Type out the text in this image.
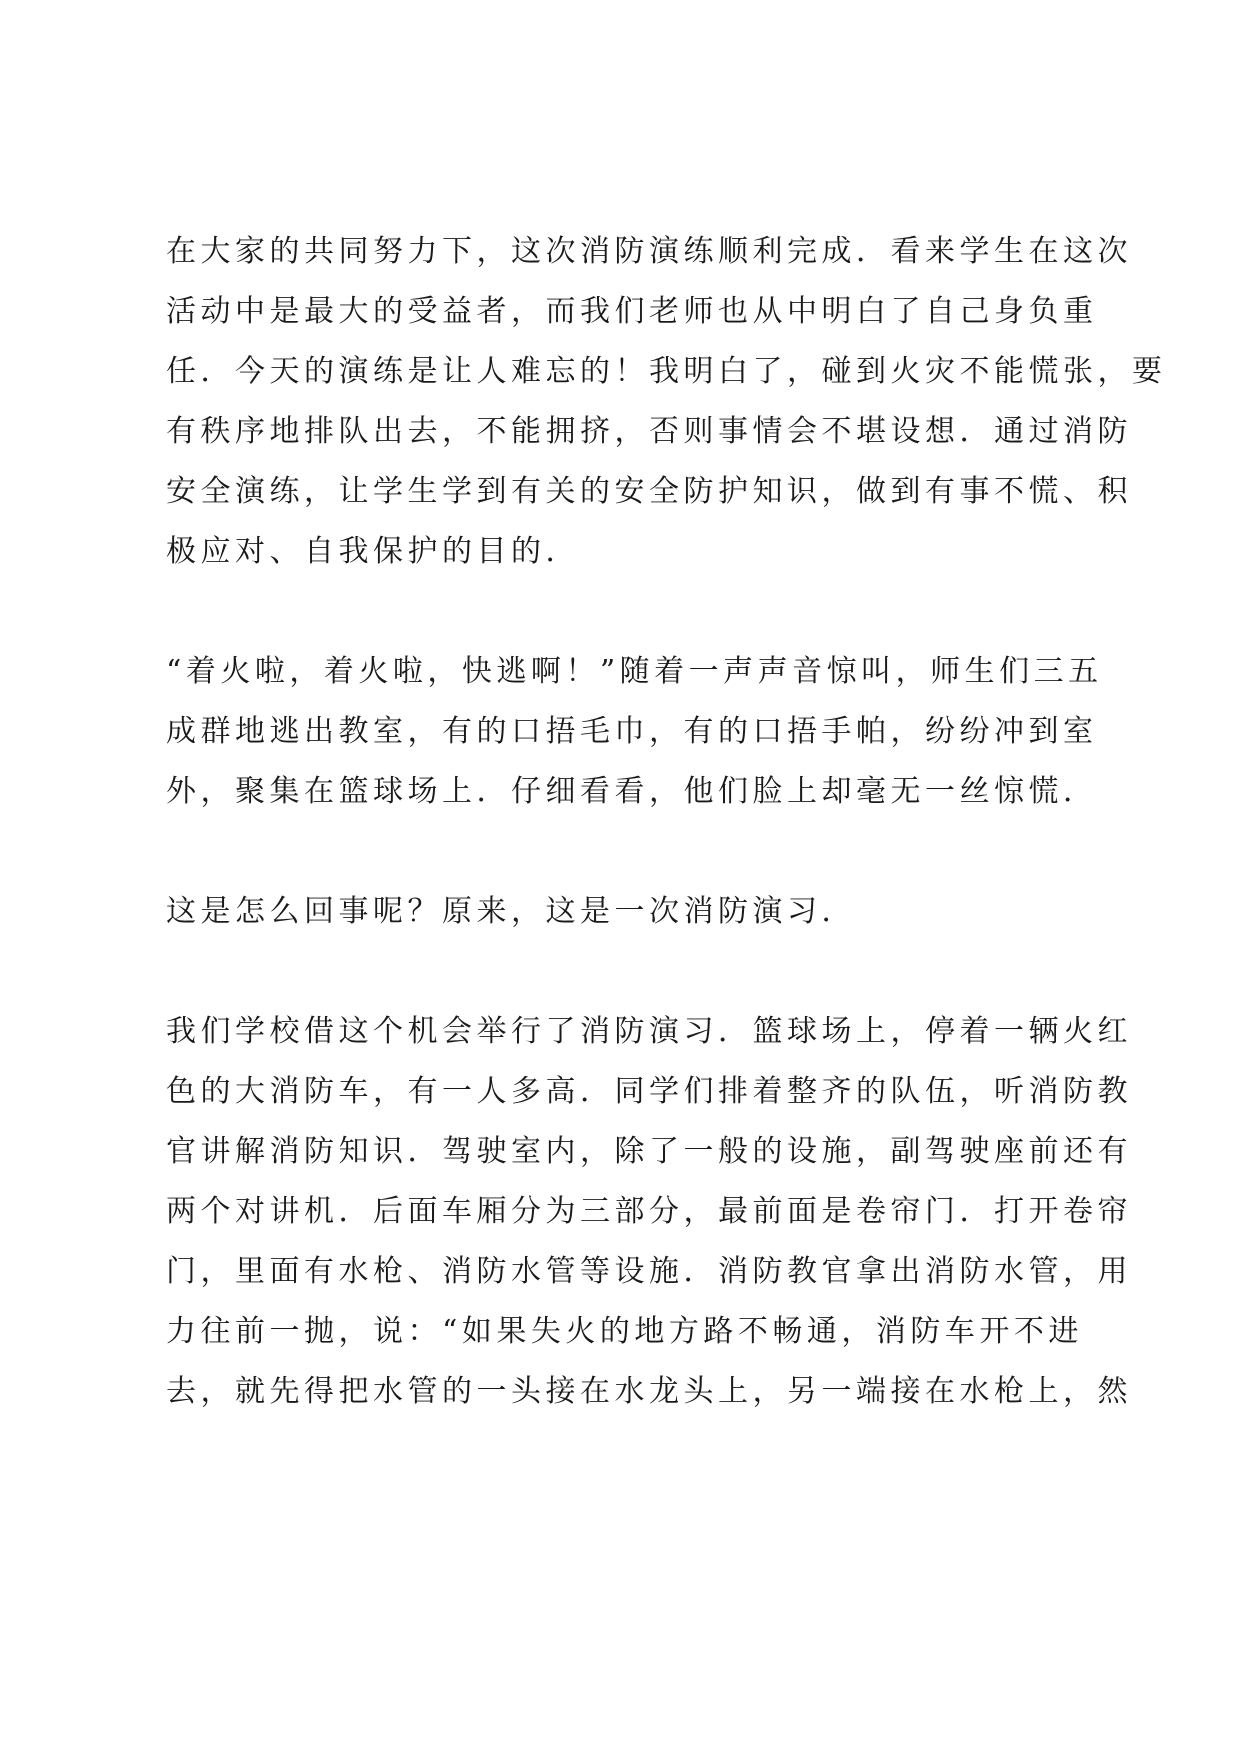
在大家的共同努力下，这次消防演练顺利完成．看来学生在这次
活动中是最大的受益者，而我们老师也从中明白了自己身负重
任．今天的演练是让人难忘的！我明白了，碰到火灾不能慌张，要
有秩序地排队出去，不能拥挤，否则事情会不堪设想．通过消防
安全演练，让学生学到有关的安全防护知识，做到有事不慌、积
极应对、自我保护的目的．
“着火啦，着火啦，快逃啊！”随着一声声音惊叫，师生们三五
成群地逃出教室，有的口捂毛巾，有的口捂手帕，纷纷冲到室
外，聚集在篮球场上．仔细看看，他们脸上却毫无一丝惊慌．
这是怎么回事呢？原来，这是一次消防演习．
我们学校借这个机会举行了消防演习．篮球场上，停着一辆火红
色的大消防车，有一人多高．同学们排着整齐的队伍，听消防教
官讲解消防知识．驾驶室内，除了一般的设施，副驾驶座前还有
两个对讲机．后面车厢分为三部分，最前面是卷帘门．打开卷帘
门，里面有水枪、消防水管等设施．消防教官拿出消防水管，用
力往前一抛，说：“如果失火的地方路不畅通，消防车开不进
去，就先得把水管的一头接在水龙头上，另一端接在水枪上，然
